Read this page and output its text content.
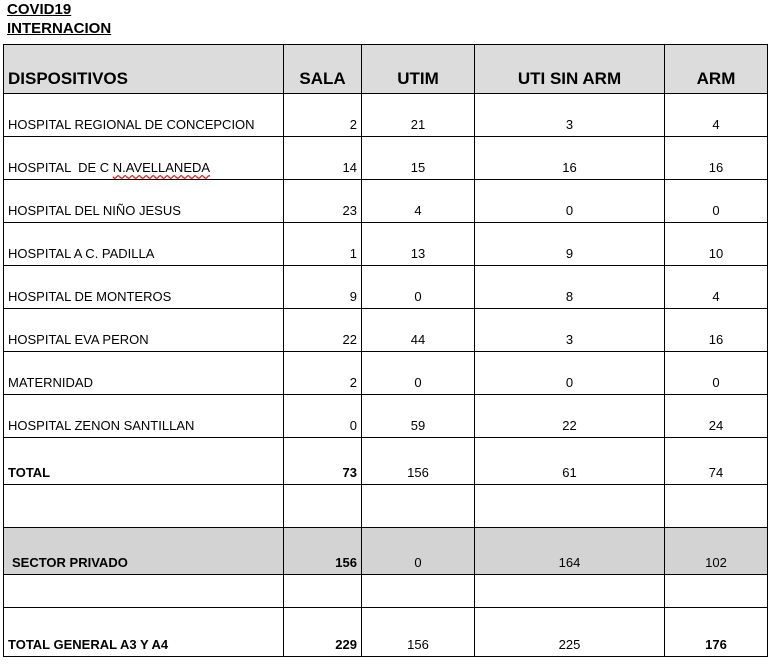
COVID19
INTERNACION
DISPOSITIVOS	SALA	UTIM	UTI SIN ARM	ARM
HOSPITAL REGIONAL DE CONCEPCION	2	21	3	4
HOSPITAL  DE C N.AVELLANEDA	14	15	16	16
HOSPITAL DEL NIÑO JESUS	23	4	0	0
HOSPITAL A C. PADILLA	1	13	9	10
HOSPITAL DE MONTEROS	9	0	8	4
HOSPITAL EVA PERON	22	44	3	16
MATERNIDAD	2	0	0	0
HOSPITAL ZENON SANTILLAN	0	59	22	24
TOTAL	73	156	61	74

SECTOR PRIVADO	156	0	164	102

TOTAL GENERAL A3 Y A4	229	156	225	176
